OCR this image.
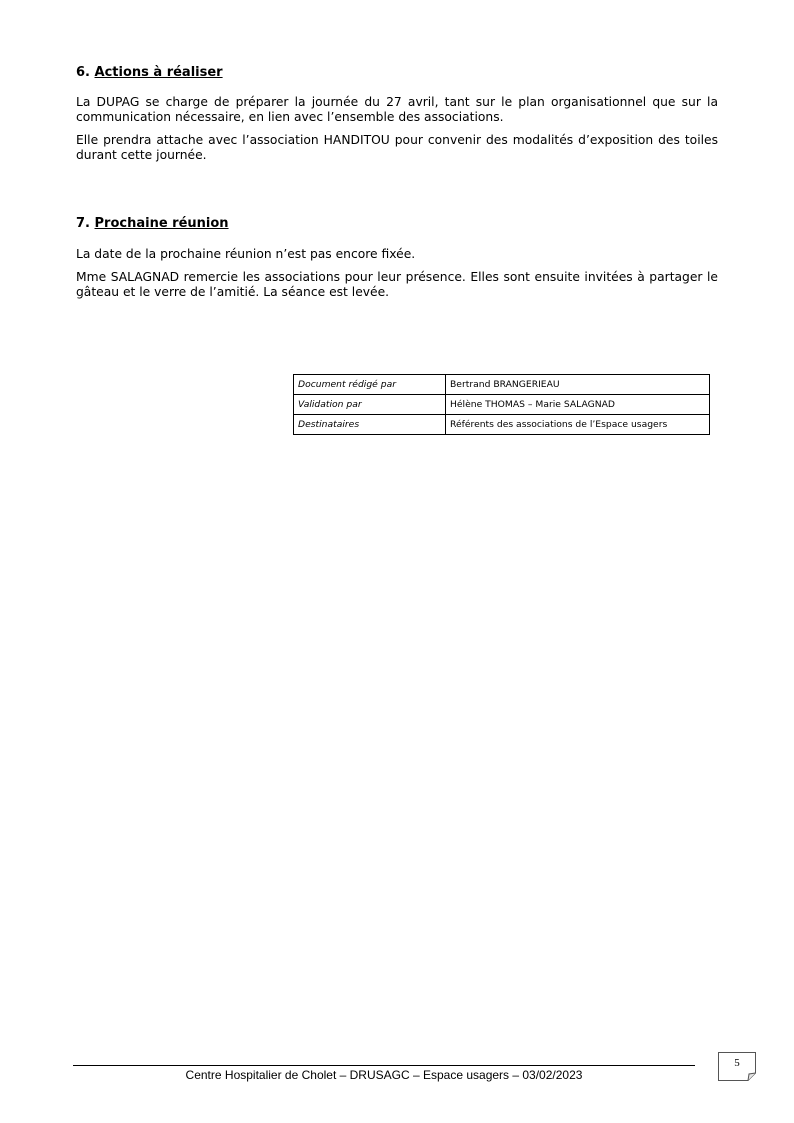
6. Actions à réaliser

La DUPAG se charge de préparer la journée du 27 avril, tant sur le plan organisationnel que sur la communication nécessaire, en lien avec l’ensemble des associations.

Elle prendra attache avec l’association HANDITOU pour convenir des modalités d’exposition des toiles durant cette journée.

7. Prochaine réunion

La date de la prochaine réunion n’est pas encore fixée.

Mme SALAGNAD remercie les associations pour leur présence. Elles sont ensuite invitées à partager le gâteau et le verre de l’amitié. La séance est levée.

Document rédigé par	Bertrand BRANGERIEAU
Validation par	Hélène THOMAS – Marie SALAGNAD
Destinataires	Référents des associations de l’Espace usagers
Centre Hospitalier de Cholet – DRUSAGC – Espace usagers – 03/02/2023
5
